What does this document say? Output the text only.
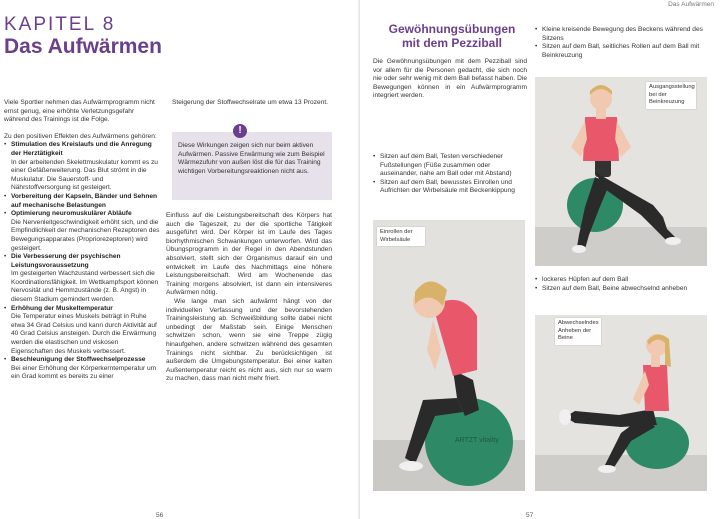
KAPITEL 8
Das Aufwärmen

Viele Sportler nehmen das Aufwärmprogramm nicht ernst genug, eine erhöhte Verletzungsgefahr während des Trainings ist die Folge.

Zu den positiven Effekten des Aufwärmens gehören:

• Stimulation des Kreislaufs und die Anregung der Herztätigkeit
In der arbeitenden Skelettmuskulatur kommt es zu einer Gefäßerweiterung. Das Blut strömt in die Muskulatur. Die Sauerstoff- und Nährstoffversorgung ist gesteigert.
• Vorbereitung der Kapseln, Bänder und Sehnen auf mechanische Belastungen
• Optimierung neuromuskulärer Abläufe
Die Nervenleitgeschwindigkeit erhöht sich, und die Empfindlichkeit der mechanischen Rezeptoren des Bewegungsapparates (Propriorezeptoren) wird gesteigert.
• Die Verbesserung der psychischen Leistungsvoraussetzung
Im gesteigerten Wachzustand verbessert sich die Koordinationsfähigkeit. Im Wettkampfsport können Nervosität und Hemmzustände (z. B. Angst) in diesem Stadium gemindert werden.
• Erhöhung der Muskeltemperatur
Die Temperatur eines Muskels beträgt in Ruhe etwa 34 Grad Celsius und kann durch Aktivität auf 40 Grad Celsius ansteigen. Durch die Erwärmung werden die elastischen und viskosen Eigenschaften des Muskels verbessert.
• Beschleunigung der Stoffwechselprozesse
Bei einer Erhöhung der Körperkerntemperatur um ein Grad kommt es bereits zu einer

Steigerung der Stoffwechselrate um etwa 13 Prozent.

Diese Wirkungen zeigen sich nur beim aktiven Aufwärmen. Passive Erwärmung wie zum Beispiel Wärmezufuhr von außen löst die für das Training wichtigen Vorbereitungsreaktionen nicht aus.

!

Einfluss auf die Leistungsbereitschaft des Körpers hat auch die Tageszeit, zu der die sportliche Tätigkeit ausgeführt wird. Der Körper ist im Laufe des Tages biorhythmischen Schwankungen unterworfen. Wird das Übungsprogramm in der Regel in den Abendstunden absolviert, stellt sich der Organismus darauf ein und entwickelt im Laufe des Nachmittags eine höhere Leistungsbereitschaft. Wird am Wochenende das Training morgens absolviert, ist dann ein intensiveres Aufwärmen nötig.

Wie lange man sich aufwärmt hängt von der individuellen Verfassung und der bevorstehenden Trainingsleistung ab. Schweißbildung sollte dabei nicht unbedingt der Maßstab sein. Einige Menschen schwitzen schon, wenn sie eine Treppe zügig hinaufgehen, andere schwitzen während des gesamten Trainings nicht sichtbar. Zu berücksichtigen ist außerdem die Umgebungstemperatur. Bei einer kalten Außentemperatur reicht es nicht aus, sich nur so warm zu machen, dass man nicht mehr friert.

56
Das Aufwärmen
Gewöhnungsübungen mit dem Pezziball

Die Gewöhnungsübungen mit dem Pezziball sind vor allem für die Personen gedacht, die sich noch nie oder sehr wenig mit dem Ball befasst haben. Die Bewegungen können in ein Aufwärmprogramm integriert werden.

• Sitzen auf dem Ball, Testen verschiedener Fußstellungen (Füße zusammen oder auseinander, nahe am Ball oder mit Abstand)
• Sitzen auf dem Ball, bewusstes Einrollen und Aufrichten der Wirbelsäule mit Beckenkippung
• Kleine kreisende Bewegung des Beckens während des Sitzens
• Sitzen auf dem Ball, seitliches Rollen auf dem Ball mit Beinkreuzung
Ausgangsstellung bei der Beinkreuzung
ARTZT vitality
Einrollen der Wirbelsäule
• lockeres Hüpfen auf dem Ball
• Sitzen auf dem Ball, Beine abwechselnd anheben
Abwechselndes Anheben der Beine
57
